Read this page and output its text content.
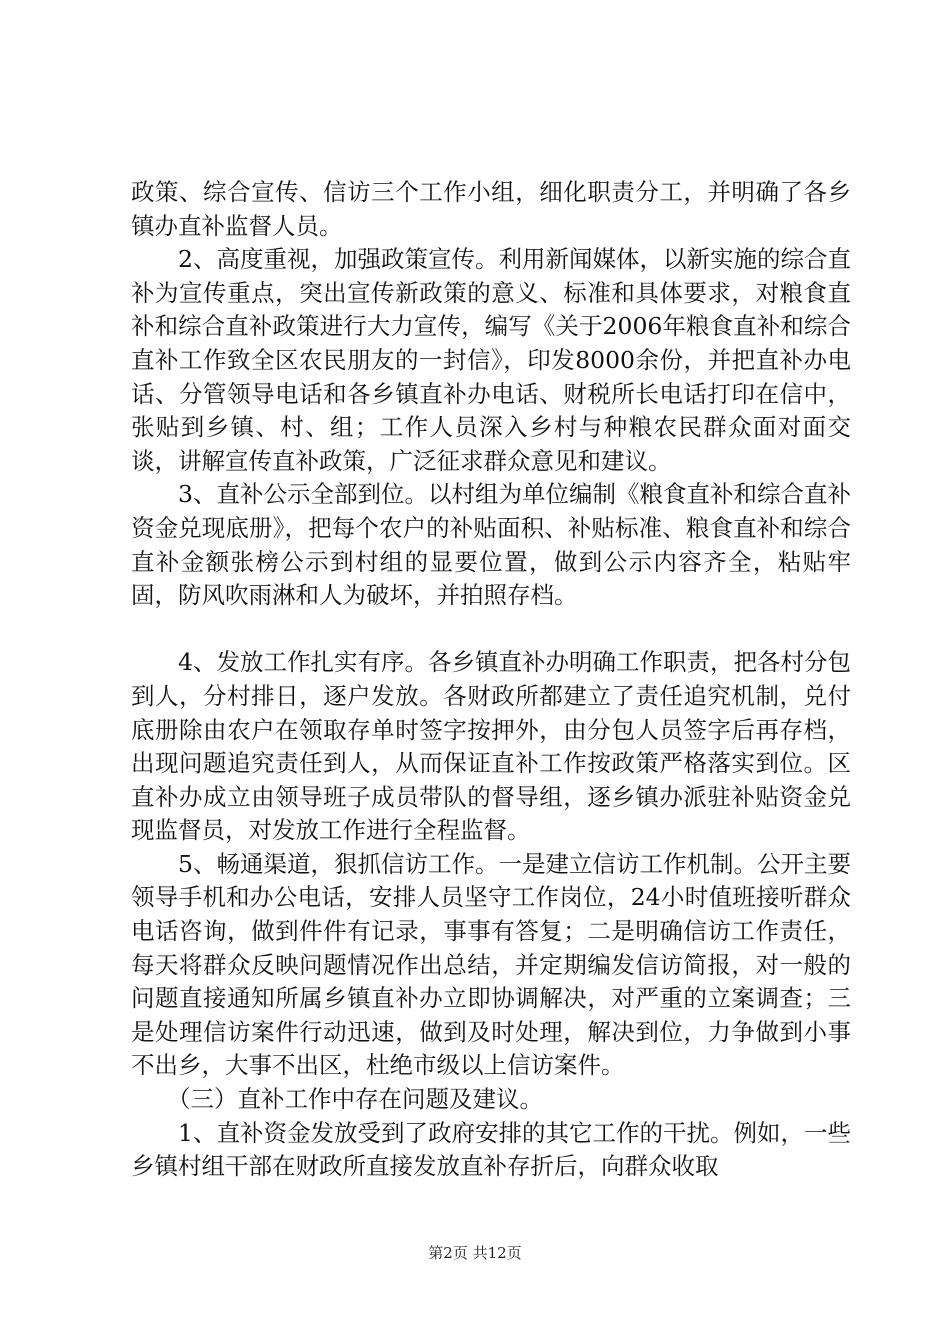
政策、综合宣传、信访三个工作小组，细化职责分工，并明确了各乡镇办直补监督人员。

2、高度重视，加强政策宣传。利用新闻媒体，以新实施的综合直补为宣传重点，突出宣传新政策的意义、标准和具体要求，对粮食直补和综合直补政策进行大力宣传，编写《关于2006年粮食直补和综合直补工作致全区农民朋友的一封信》，印发8000余份，并把直补办电话、分管领导电话和各乡镇直补办电话、财税所长电话打印在信中，张贴到乡镇、村、组；工作人员深入乡村与种粮农民群众面对面交谈，讲解宣传直补政策，广泛征求群众意见和建议。

3、直补公示全部到位。以村组为单位编制《粮食直补和综合直补资金兑现底册》，把每个农户的补贴面积、补贴标准、粮食直补和综合直补金额张榜公示到村组的显要位置，做到公示内容齐全，粘贴牢固，防风吹雨淋和人为破坏，并拍照存档。

4、发放工作扎实有序。各乡镇直补办明确工作职责，把各村分包到人，分村排日，逐户发放。各财政所都建立了责任追究机制，兑付底册除由农户在领取存单时签字按押外，由分包人员签字后再存档，出现问题追究责任到人，从而保证直补工作按政策严格落实到位。区直补办成立由领导班子成员带队的督导组，逐乡镇办派驻补贴资金兑现监督员，对发放工作进行全程监督。

5、畅通渠道，狠抓信访工作。一是建立信访工作机制。公开主要领导手机和办公电话，安排人员坚守工作岗位，24小时值班接听群众电话咨询，做到件件有记录，事事有答复；二是明确信访工作责任，每天将群众反映问题情况作出总结，并定期编发信访简报，对一般的问题直接通知所属乡镇直补办立即协调解决，对严重的立案调查；三是处理信访案件行动迅速，做到及时处理，解决到位，力争做到小事不出乡，大事不出区，杜绝市级以上信访案件。

（三）直补工作中存在问题及建议。

1、直补资金发放受到了政府安排的其它工作的干扰。例如，一些乡镇村组干部在财政所直接发放直补存折后，向群众收取

第2页 共12页
